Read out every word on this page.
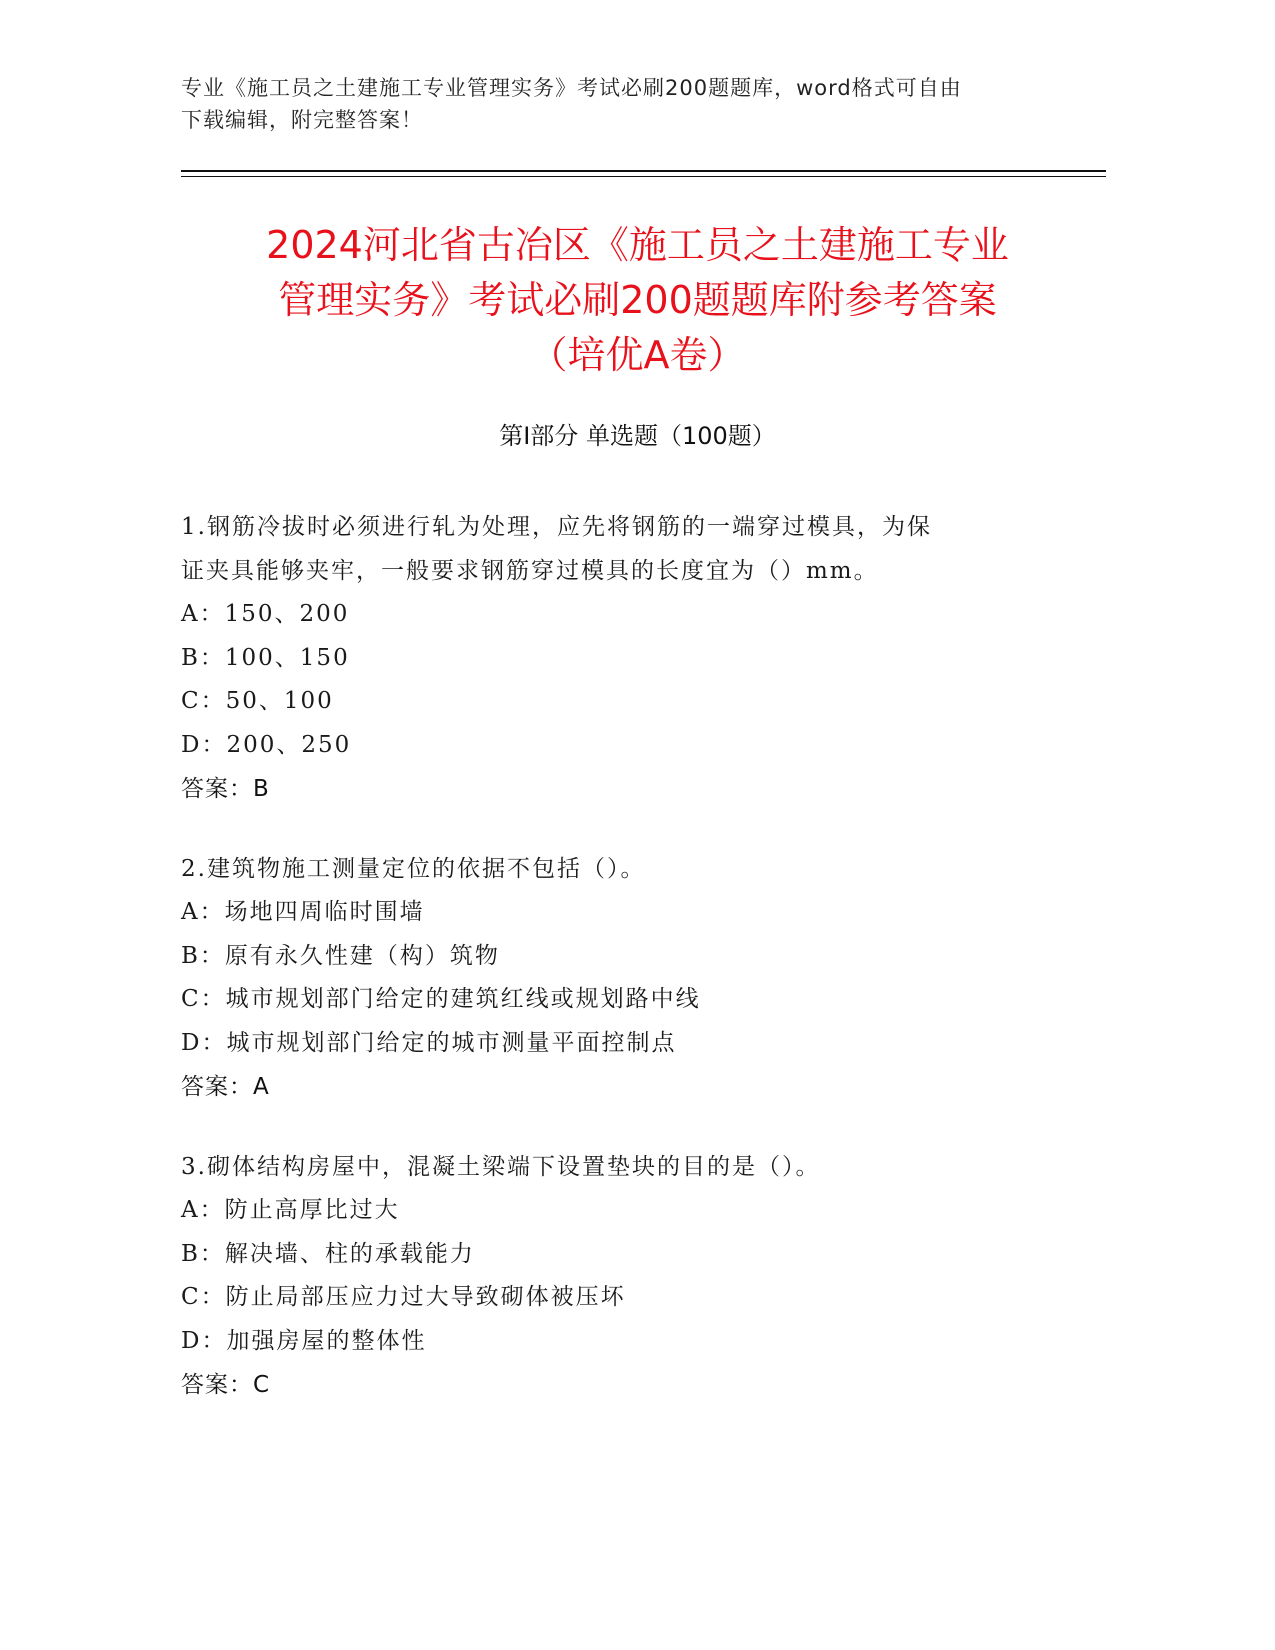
专业《施工员之土建施工专业管理实务》考试必刷200题题库，word格式可自由
下载编辑，附完整答案！
2024河北省古冶区《施工员之土建施工专业
管理实务》考试必刷200题题库附参考答案
（培优A卷）
第Ⅰ部分 单选题（100题）
1.钢筋冷拔时必须进行轧为处理，应先将钢筋的一端穿过模具，为保
证夹具能够夹牢，一般要求钢筋穿过模具的长度宜为（）mm。
A：150、200
B：100、150
C：50、100
D：200、250
答案：B
2.建筑物施工测量定位的依据不包括（）。
A：场地四周临时围墙
B：原有永久性建（构）筑物
C：城市规划部门给定的建筑红线或规划路中线
D：城市规划部门给定的城市测量平面控制点
答案：A
3.砌体结构房屋中，混凝土梁端下设置垫块的目的是（）。
A：防止高厚比过大
B：解决墙、柱的承载能力
C：防止局部压应力过大导致砌体被压坏
D：加强房屋的整体性
答案：C
